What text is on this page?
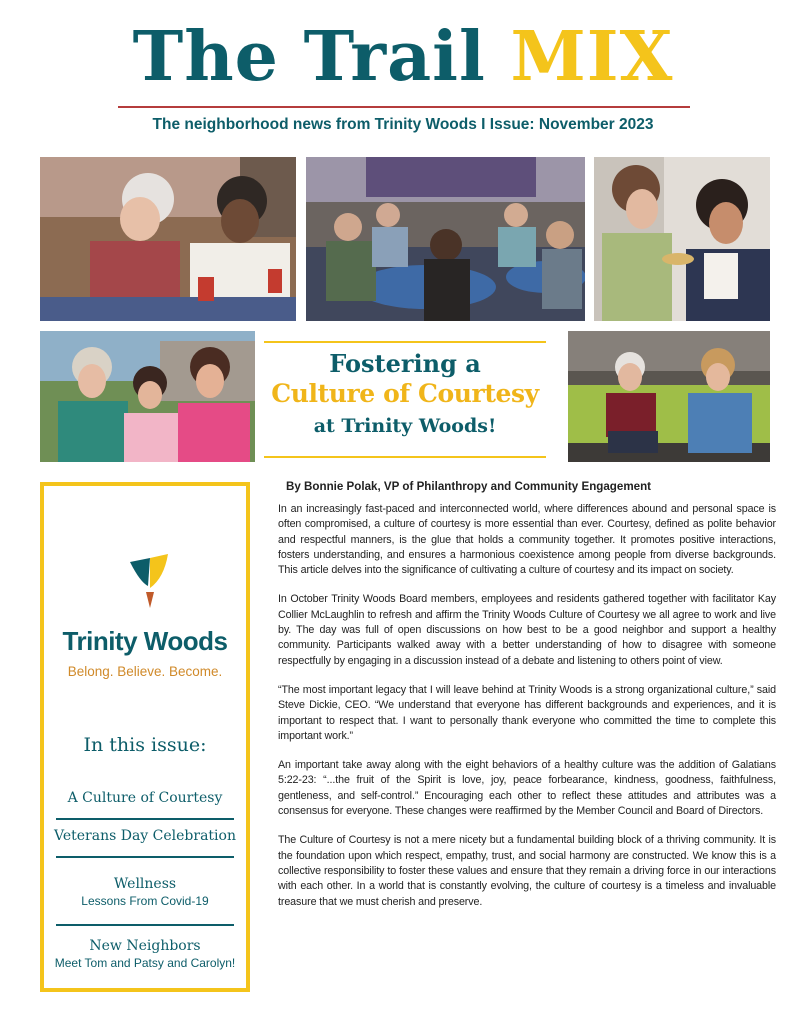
The Trail MIX
The neighborhood news from Trinity Woods I Issue: November 2023
Fostering a
Culture of Courtesy
at Trinity Woods!
Trinity Woods
Belong. Believe. Become.
In this issue:
A Culture of Courtesy
Veterans Day Celebration
Wellness
Lessons From Covid-19
New Neighbors
Meet Tom and Patsy and Carolyn!
By Bonnie Polak, VP of Philanthropy and Community Engagement

In an increasingly fast-paced and interconnected world, where differences abound and personal space is often compromised, a culture of courtesy is more essential than ever. Courtesy, defined as polite behavior and respectful manners, is the glue that holds a community together. It promotes positive interactions, fosters understanding, and ensures a harmonious coexistence among people from diverse backgrounds. This article delves into the significance of cultivating a culture of courtesy and its impact on society.

In October Trinity Woods Board members, employees and residents gathered together with facilitator Kay Collier McLaughlin to refresh and affirm the Trinity Woods Culture of Courtesy we all agree to work and live by. The day was full of open discussions on how best to be a good neighbor and support a healthy community. Participants walked away with a better understanding of how to disagree with someone respectfully by engaging in a discussion instead of a debate and listening to others point of view.

“The most important legacy that I will leave behind at Trinity Woods is a strong organizational culture,” said Steve Dickie, CEO. “We understand that everyone has different backgrounds and experiences, and it is important to respect that. I want to personally thank everyone who committed the time to complete this important work.”

An important take away along with the eight behaviors of a healthy culture was the addition of Galatians 5:22-23: “...the fruit of the Spirit is love, joy, peace forbearance, kindness, goodness, faithfulness, gentleness, and self-control.” Encouraging each other to reflect these attitudes and attributes was a consensus for everyone. These changes were reaffirmed by the Member Council and Board of Directors.

The Culture of Courtesy is not a mere nicety but a fundamental building block of a thriving community. It is the foundation upon which respect, empathy, trust, and social harmony are constructed. We know this is a collective responsibility to foster these values and ensure that they remain a driving force in our interactions with each other. In a world that is constantly evolving, the culture of courtesy is a timeless and invaluable treasure that we must cherish and preserve.
